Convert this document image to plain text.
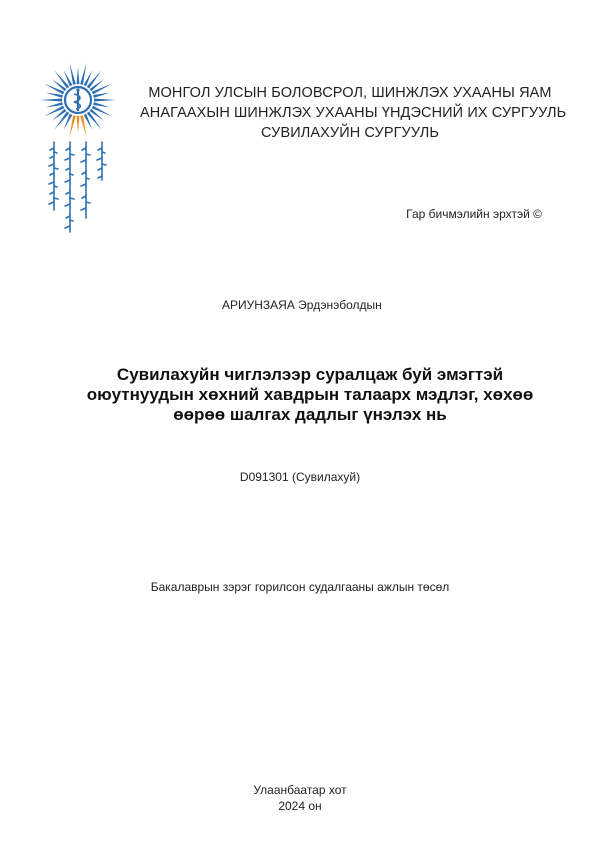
МОНГОЛ УЛСЫН БОЛОВСРОЛ, ШИНЖЛЭХ УХААНЫ ЯАМ
АНАГААХЫН ШИНЖЛЭХ УХААНЫ ҮНДЭСНИЙ ИХ СУРГУУЛЬ
СУВИЛАХУЙН СУРГУУЛЬ
Гар бичмэлийн эрхтэй ©
АРИУНЗАЯА Эрдэнэболдын
Сувилахуйн чиглэлээр суралцаж буй эмэгтэй
оюутнуудын хөхний хавдрын талаарх мэдлэг, хөхөө
өөрөө шалгах дадлыг үнэлэх нь
D091301 (Сувилахуй)
Бакалаврын зэрэг горилсон судалгааны ажлын төсөл
Улаанбаатар хот
2024 он
